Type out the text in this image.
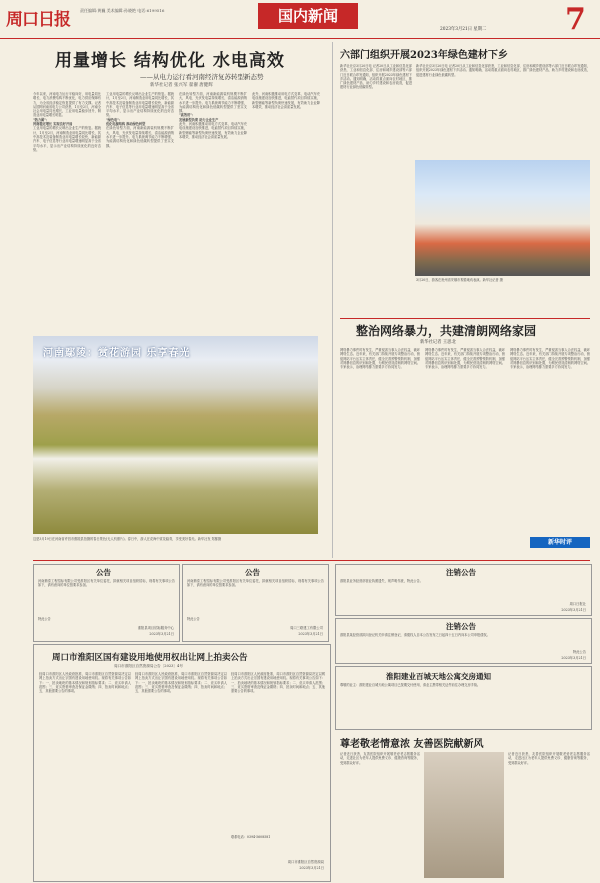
周口日报	责任编辑:黄巍 美术编辑:孙晓艳 电话:6199516	国内新闻
2023年3月21日 星期二	7
用量增长 结构优化 水电高效
——从电力运行看河南经济复苏转型新态势
新华社记者 张兴军 翟濯 唐健辉
今年以来，河南电力运行平稳向好，用电量同比增长，电力消费结构不断优化，电力供应保障有力，为全省经济稳定恢复提供了有力支撑。记者从国网河南省电力公司获悉，1月至2月，河南全社会用电量同比增长，工业用电量稳步回升，制造业用电量增长明显。
"热力图"：
河南稳定增长 实现良好开局
工业用电量的增长反映出企业生产的恢复。据统计，1月至2月，河南制造业用电量同比增长，其中高技术及装备制造业用电量增长较快，新能源汽车、电子信息等行业用电量增速明显高于全省平均水平，显示出产业结构持续优化的良好态势。
工业用电量的增长反映出企业生产的恢复。据统计，1月至2月，河南制造业用电量同比增长，其中高技术及装备制造业用电量增长较快，新能源汽车、电子信息等行业用电量增速明显高于全省平均水平，显示出产业结构持续优化的良好态势。
"绿色电"：
优化电源结构 推动绿色转型
在绿色转型方面，河南新能源装机规模不断扩大，风电、光伏发电量持续增长，清洁能源消纳水平进一步提升。电力系统调节能力不断增强，为能源结构优化和绿色低碳转型提供了坚实支撑。
在绿色转型方面，河南新能源装机规模不断扩大，风电、光伏发电量持续增长，清洁能源消纳水平进一步提升。电力系统调节能力不断增强，为能源结构优化和绿色低碳转型提供了坚实支撑。
"高效用"：
发展新型负荷 助力企业生产
此外，河南积极推动用电方式变革，电动汽车充电设施建设加快推进，电能替代项目持续实施，新型储能等新型负荷快速发展，有效助力企业降本增效，推动经济社会高质量发展。
此外，河南积极推动用电方式变革，电动汽车充电设施建设加快推进，电能替代项目持续实施，新型储能等新型负荷快速发展，有效助力企业降本增效，推动经济社会高质量发展。
河南鄢陵：赏花游园 乐享春光
这是3月19日在河南省许昌市鄢陵县拍摄的春日景色(无人机照片)。春日中，游人在花海中赏花踏青，享受美好春光。新华社发 郑鄢摄
六部门组织开展2023年绿色建材下乡
新华社北京3月20日电 记者20日从工业和信息化部获悉，工业和信息化部、住房和城乡建设部等六部门近日联合印发通知，组织开展2023年绿色建材下乡活动。通知明确，活动将重点面向农村地区，推广绿色建材产品，助力乡村建设和农房改造，促进建材行业绿色低碳转型。
新华社北京3月20日电 记者20日从工业和信息化部获悉，工业和信息化部、住房和城乡建设部等六部门近日联合印发通知，组织开展2023年绿色建材下乡活动。通知明确，活动将重点面向农村地区，推广绿色建材产品，助力乡村建设和农房改造，促进建材行业绿色低碳转型。
3月20日，游客在贵州省安顺市观看地戏表演。新华社记者 摄
整治网络暴力，共建清朗网络家园
新华社记者 王思北
网络暴力事件时有发生，严重侵害当事人合法权益，破坏网络生态。近年来，有关部门持续开展专项整治行动，督促网站平台压实主体责任，健全完善预警预防机制，加强对网暴信息的识别和处置，为网民营造清朗的网络空间。专家表示，治理网络暴力需要多方协同发力。
网络暴力事件时有发生，严重侵害当事人合法权益，破坏网络生态。近年来，有关部门持续开展专项整治行动，督促网站平台压实主体责任，健全完善预警预防机制，加强对网暴信息的识别和处置，为网民营造清朗的网络空间。专家表示，治理网络暴力需要多方协同发力。
网络暴力事件时有发生，严重侵害当事人合法权益，破坏网络生态。近年来，有关部门持续开展专项整治行动，督促网站平台压实主体责任，健全完善预警预防机制，加强对网暴信息的识别和处置，为网民营造清朗的网络空间。专家表示，治理网络暴力需要多方协同发力。
新华时评
公告
河南鼎泰工程招标有限公司受淮阳区有关单位委托，拟就相关项目组织招标，现将有关事项公告如下，请有意向的单位按要求参加。
特此公告
淮阳县项目招标服务中心
2023年3月21日
公告
河南鼎泰工程招标有限公司受淮阳区有关单位委托，拟就相关项目组织招标，现将有关事项公告如下，请有意向的单位按要求参加。
特此公告
周口三联建工有限公司
2023年3月21日
注销公告
淮阳县业务经营部营业执照遗失，现声明作废，特此公告。
周口日报社
2023年3月21日
注销公告
淮阳县某经营部拟向登记机关申请注销登记，请债权人自本公告发布之日起四十五日内向本公司申报债权。
特此公告
2023年3月21日
周口市淮阳区国有建设用地使用权出让网上拍卖公告
周口市淮阳区自然资源局公告〔2023〕4号
经周口市淮阳区人民政府批准，周口市淮阳区自然资源局决定以网上拍卖方式出让宗国有建设用地使用权。现将有关事项公告如下：一、拍卖地块的基本情况和规划指标要求；二、竞买申请人范围；三、竞买资格审查及保证金缴纳；四、拍卖时间和地点；五、其他需要公告的事项。
经周口市淮阳区人民政府批准，周口市淮阳区自然资源局决定以网上拍卖方式出让宗国有建设用地使用权。现将有关事项公告如下：一、拍卖地块的基本情况和规划指标要求；二、竞买申请人范围；三、竞买资格审查及保证金缴纳；四、拍卖时间和地点；五、其他需要公告的事项。
经周口市淮阳区人民政府批准，周口市淮阳区自然资源局决定以网上拍卖方式出让宗国有建设用地使用权。现将有关事项公告如下：一、拍卖地块的基本情况和规划指标要求；二、竞买申请人范围；三、竞买资格审查及保证金缴纳；四、拍卖时间和地点；五、其他需要公告的事项。
联系电话：0394-5608581
周口市淮阳区自然资源局
2023年3月21日
淮阳建业百城天地公寓交房通知
尊敬的业主：淮阳建业百城天地公寓项目已按期交付使用，请业主携带相关证件前往办理交房手续。
尊老敬老情意浓 友善医院献新风
记者近日获悉，友善医院组织开展敬老爱老志愿服务活动，走进社区为老年人提供免费义诊、健康咨询等服务，受到群众好评。
记者近日获悉，友善医院组织开展敬老爱老志愿服务活动，走进社区为老年人提供免费义诊、健康咨询等服务，受到群众好评。
